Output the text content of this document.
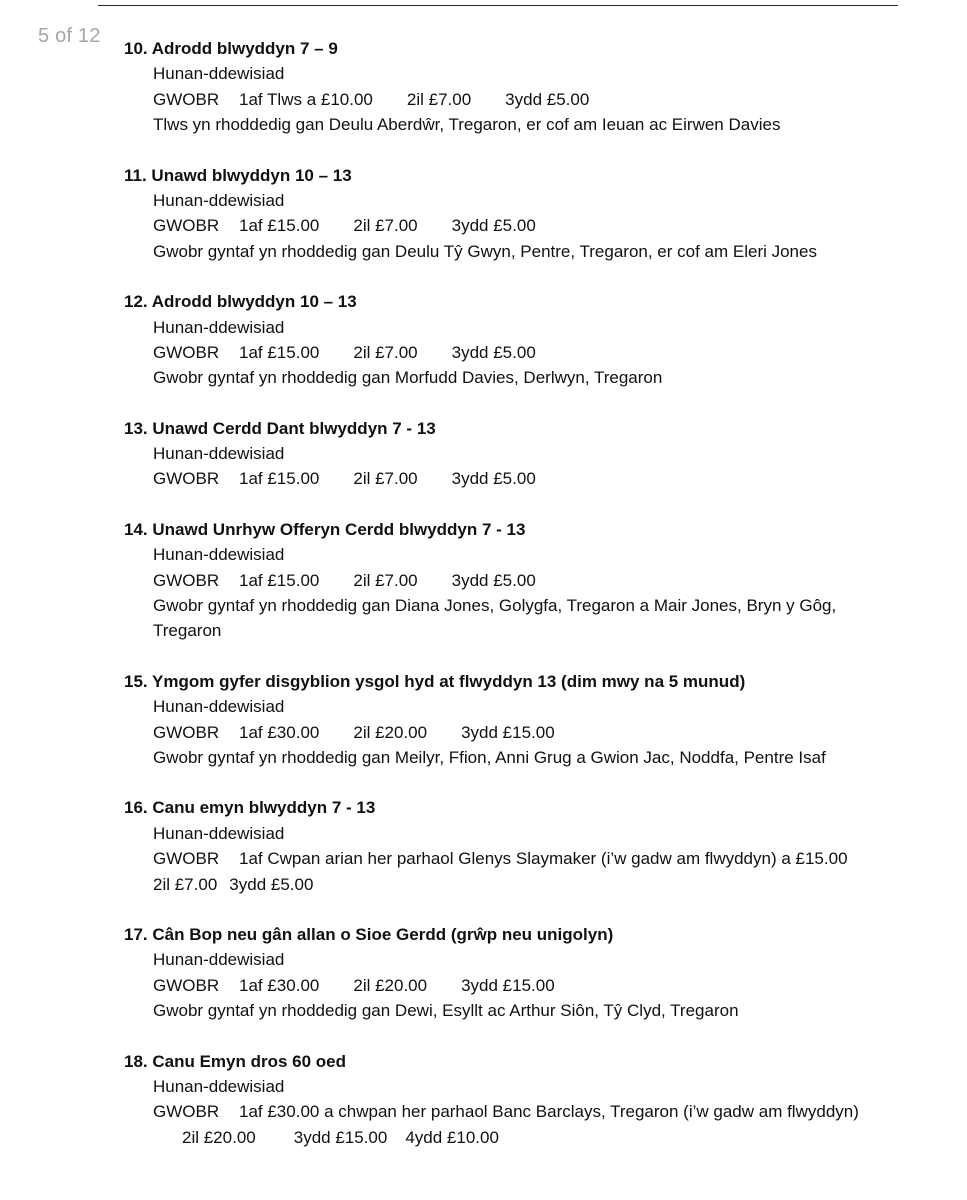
5 of 12
10. Adrodd blwyddyn 7 – 9
Hunan-ddewisiad
GWOBR 1af Tlws a £10.00 2il £7.00 3ydd £5.00
Tlws yn rhoddedig gan Deulu Aberdŵr, Tregaron, er cof am Ieuan ac Eirwen Davies
11. Unawd blwyddyn 10 – 13
Hunan-ddewisiad
GWOBR 1af £15.00 2il £7.00 3ydd £5.00
Gwobr gyntaf yn rhoddedig gan Deulu Tŷ Gwyn, Pentre, Tregaron, er cof am Eleri Jones
12. Adrodd blwyddyn 10 – 13
Hunan-ddewisiad
GWOBR 1af £15.00 2il £7.00 3ydd £5.00
Gwobr gyntaf yn rhoddedig gan Morfudd Davies, Derlwyn, Tregaron
13. Unawd Cerdd Dant blwyddyn 7 - 13
Hunan-ddewisiad
GWOBR 1af £15.00 2il £7.00 3ydd £5.00
14. Unawd Unrhyw Offeryn Cerdd blwyddyn 7 - 13
Hunan-ddewisiad
GWOBR 1af £15.00 2il £7.00 3ydd £5.00
Gwobr gyntaf yn rhoddedig gan Diana Jones, Golygfa, Tregaron a Mair Jones, Bryn y Gôg,
Tregaron
15. Ymgom gyfer disgyblion ysgol hyd at flwyddyn 13 (dim mwy na 5 munud)
Hunan-ddewisiad
GWOBR 1af £30.00 2il £20.00 3ydd £15.00
Gwobr gyntaf yn rhoddedig gan Meilyr, Ffion, Anni Grug a Gwion Jac, Noddfa, Pentre Isaf
16. Canu emyn blwyddyn 7 - 13
Hunan-ddewisiad
GWOBR 1af Cwpan arian her parhaol Glenys Slaymaker (i’w gadw am flwyddyn) a £15.00
2il £7.00 3ydd £5.00
17. Cân Bop neu gân allan o Sioe Gerdd (grŵp neu unigolyn)
Hunan-ddewisiad
GWOBR 1af £30.00 2il £20.00 3ydd £15.00
Gwobr gyntaf yn rhoddedig gan Dewi, Esyllt ac Arthur Siôn, Tŷ Clyd, Tregaron
18. Canu Emyn dros 60 oed
Hunan-ddewisiad
GWOBR 1af £30.00 a chwpan her parhaol Banc Barclays, Tregaron (i’w gadw am flwyddyn)
2il £20.00 3ydd £15.00 4ydd £10.00
